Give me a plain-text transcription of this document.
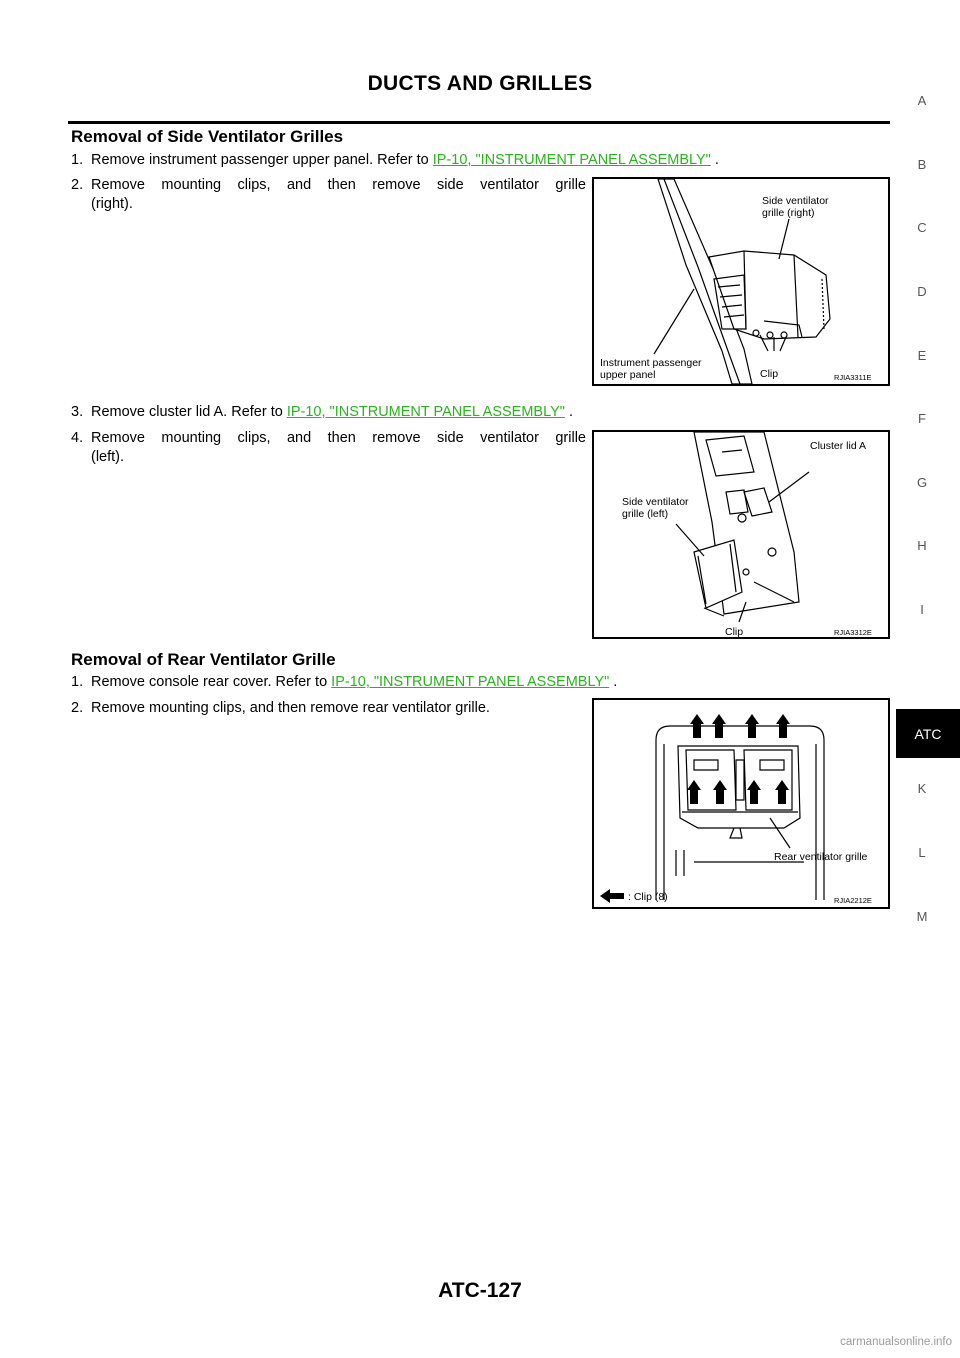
DUCTS AND GRILLES
Removal of Side Ventilator Grilles
1. Remove instrument passenger upper panel. Refer to IP-10, "INSTRUMENT PANEL ASSEMBLY" .
2. Remove mounting clips, and then remove side ventilator grille
(right).	Side ventilator
grille (right)
Instrument passenger
upper panel	Clip	RJIA3311E
3. Remove cluster lid A. Refer to IP-10, "INSTRUMENT PANEL ASSEMBLY" .
4. Remove mounting clips, and then remove side ventilator grille
(left).
Cluster lid A
Side ventilator
grille (left)
Clip	RJIA3312E
Removal of Rear Ventilator Grille
1. Remove console rear cover. Refer to IP-10, "INSTRUMENT PANEL ASSEMBLY" .
2. Remove mounting clips, and then remove rear ventilator grille.
Rear ventilator grille
: Clip (8)	RJIA2212E
A
B
C
D
E
F
G
H
I
ATC
K
L
M
ATC-127
carmanualsonline.info
